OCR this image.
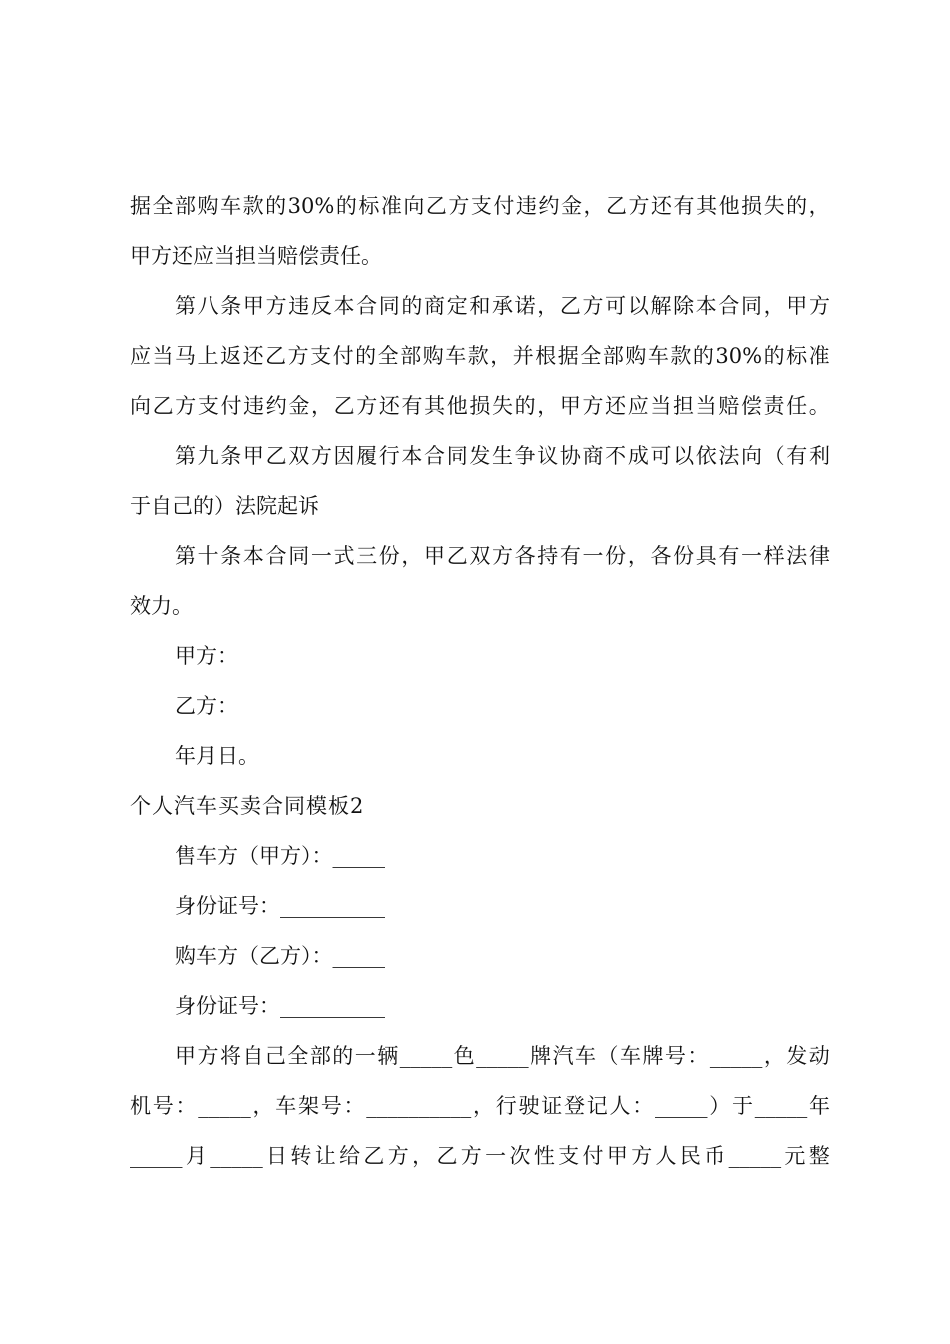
据 全 部 购 车 款 的 30% 的 标 准 向 乙 方 支 付 违 约 金 ， 乙 方 还 有 其 他 损 失 的 ，
甲方还应当担当赔偿责任。
第 八 条 甲 方 违 反 本 合 同 的 商 定 和 承 诺 ， 乙 方 可 以 解 除 本 合 同 ， 甲 方
应 当 马 上 返 还 乙 方 支 付 的 全 部 购 车 款 ， 并 根 据 全 部 购 车 款 的 30% 的 标 准
向 乙 方 支 付 违 约 金 ， 乙 方 还 有 其 他 损 失 的 ， 甲 方 还 应 当 担 当 赔 偿 责 任 。
第 九 条 甲 乙 双 方 因 履 行 本 合 同 发 生 争 议 协 商 不 成 可 以 依 法 向 （ 有 利
于自己的）法院起诉
第 十 条 本 合 同 一 式 三 份 ， 甲 乙 双 方 各 持 有 一 份 ， 各 份 具 有 一 样 法 律
效力。
甲方：
乙方：
年月日。
个人汽车买卖合同模板2
售车方（甲方）：_____
身份证号：__________
购车方（乙方）：_____
身份证号：__________
甲 方 将 自 己 全 部 的 一 辆 _____ 色 _____ 牌 汽 车 （ 车 牌 号 ： _____ ， 发 动
机 号 ： _____ ， 车 架 号 ： __________ ， 行 驶 证 登 记 人 ： _____ ） 于 _____ 年
_____ 月 _____ 日 转 让 给 乙 方 ， 乙 方 一 次 性 支 付 甲 方 人 民 币 _____ 元 整
